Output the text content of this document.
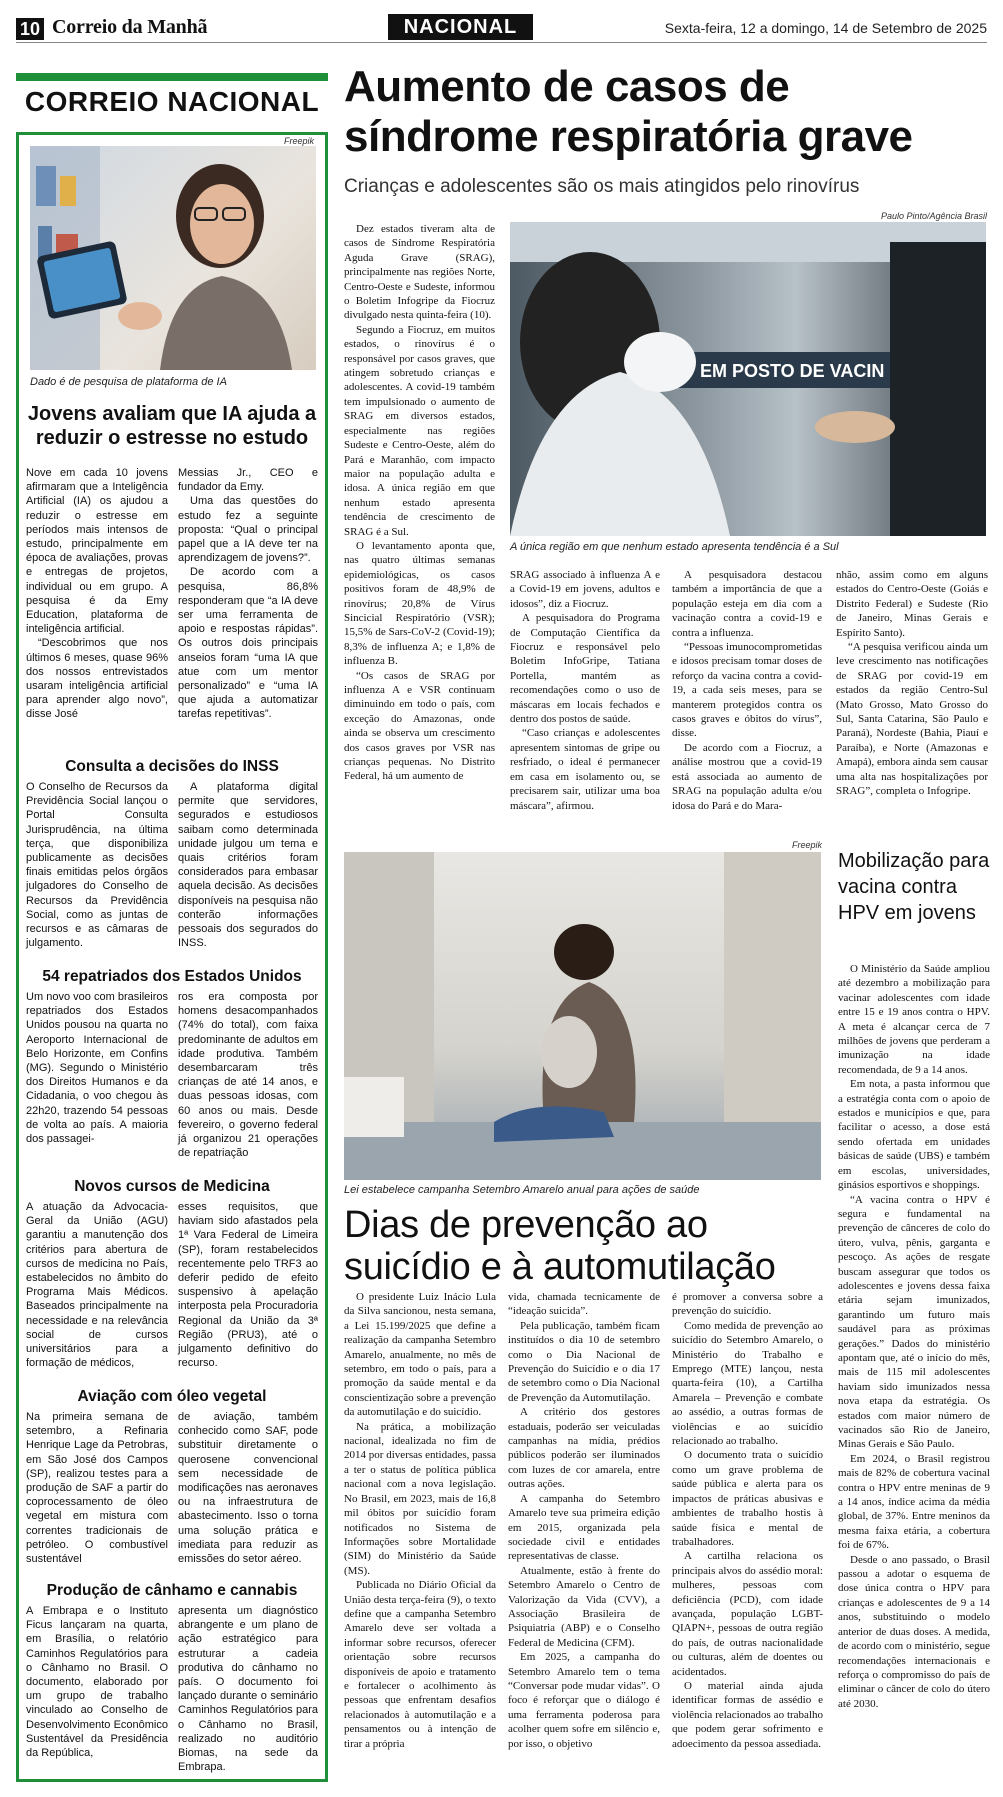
10 Correio da Manhã	NACIONAL	Sexta-feira, 12 a domingo, 14 de Setembro de 2025
CORREIO NACIONAL
Freepik
Dado é de pesquisa de plataforma de IA
Jovens avaliam que IA ajuda a reduzir o estresse no estudo

Nove em cada 10 jovens afirmaram que a Inteligência Artificial (IA) os ajudou a reduzir o estresse em períodos mais intensos de estudo, principalmente em época de avaliações, provas e entregas de projetos, individual ou em grupo. A pesquisa é da Emy Education, plataforma de inteligência artificial.

“Descobrimos que nos últimos 6 meses, quase 96% dos nossos entrevistados usaram inteligência artificial para aprender algo novo”, disse José

Messias Jr., CEO e fundador da Emy.

Uma das questões do estudo fez a seguinte proposta: “Qual o principal papel que a IA deve ter na aprendizagem de jovens?”.

De acordo com a pesquisa, 86,8% responderam que “a IA deve ser uma ferramenta de apoio e respostas rápidas”. Os outros dois principais anseios foram “uma IA que atue com um mentor personalizado” e “uma IA que ajuda a automatizar tarefas repetitivas”.

Consulta a decisões do INSS
O Conselho de Recursos da Previdência Social lançou o Portal Consulta Jurisprudência, na última terça, que disponibiliza publicamente as decisões finais emitidas pelos órgãos julgadores do Conselho de Recursos da Previdência Social, como as juntas de recursos e as câmaras de julgamento.
A plataforma digital permite que servidores, segurados e estudiosos saibam como determinada unidade julgou um tema e quais critérios foram considerados para embasar aquela decisão. As decisões disponíveis na pesquisa não conterão informações pessoais dos segurados do INSS.
54 repatriados dos Estados Unidos
Um novo voo com brasileiros repatriados dos Estados Unidos pousou na quarta no Aeroporto Internacional de Belo Horizonte, em Confins (MG). Segundo o Ministério dos Direitos Humanos e da Cidadania, o voo chegou às 22h20, trazendo 54 pessoas de volta ao país. A maioria dos passagei-
ros era composta por homens desacompanhados (74% do total), com faixa predominante de adultos em idade produtiva. Também desembarcaram três crianças de até 14 anos, e duas pessoas idosas, com 60 anos ou mais. Desde fevereiro, o governo federal já organizou 21 operações de repatriação
Novos cursos de Medicina
A atuação da Advocacia-Geral da União (AGU) garantiu a manutenção dos critérios para abertura de cursos de medicina no País, estabelecidos no âmbito do Programa Mais Médicos. Baseados principalmente na necessidade e na relevância social de cursos universitários para a formação de médicos,
esses requisitos, que haviam sido afastados pela 1ª Vara Federal de Limeira (SP), foram restabelecidos recentemente pelo TRF3 ao deferir pedido de efeito suspensivo à apelação interposta pela Procuradoria Regional da União da 3ª Região (PRU3), até o julgamento definitivo do recurso.
Aviação com óleo vegetal
Na primeira semana de setembro, a Refinaria Henrique Lage da Petrobras, em São José dos Campos (SP), realizou testes para a produção de SAF a partir do coprocessamento de óleo vegetal em mistura com correntes tradicionais de petróleo. O combustível sustentável
de aviação, também conhecido como SAF, pode substituir diretamente o querosene convencional sem necessidade de modificações nas aeronaves ou na infraestrutura de abastecimento. Isso o torna uma solução prática e imediata para reduzir as emissões do setor aéreo.
Produção de cânhamo e cannabis
A Embrapa e o Instituto Ficus lançaram na quarta, em Brasília, o relatório Caminhos Regulatórios para o Cânhamo no Brasil. O documento, elaborado por um grupo de trabalho vinculado ao Conselho de Desenvolvimento Econômico Sustentável da Presidência da República,
apresenta um diagnóstico abrangente e um plano de ação estratégico para estruturar a cadeia produtiva do cânhamo no país. O documento foi lançado durante o seminário Caminhos Regulatórios para o Cânhamo no Brasil, realizado no auditório Biomas, na sede da Embrapa.
Aumento de casos de síndrome respiratória grave
Crianças e adolescentes são os mais atingidos pelo rinovírus
Paulo Pinto/Agência Brasil
EM POSTO DE VACIN
A única região em que nenhum estado apresenta tendência é a Sul

Dez estados tiveram alta de casos de Síndrome Respiratória Aguda Grave (SRAG), principalmente nas regiões Norte, Centro-Oeste e Sudeste, informou o Boletim Infogripe da Fiocruz divulgado nesta quinta-feira (10).

Segundo a Fiocruz, em muitos estados, o rinovírus é o responsável por casos graves, que atingem sobretudo crianças e adolescentes. A covid-19 também tem impulsionado o aumento de SRAG em diversos estados, especialmente nas regiões Sudeste e Centro-Oeste, além do Pará e Maranhão, com impacto maior na população adulta e idosa. A única região em que nenhum estado apresenta tendência de crescimento de SRAG é a Sul.

O levantamento aponta que, nas quatro últimas semanas epidemiológicas, os casos positivos foram de 48,9% de rinovírus; 20,8% de Vírus Sincicial Respiratório (VSR); 15,5% de Sars-CoV-2 (Covid-19); 8,3% de influenza A; e 1,8% de influenza B.

“Os casos de SRAG por influenza A e VSR continuam diminuindo em todo o país, com exceção do Amazonas, onde ainda se observa um crescimento dos casos graves por VSR nas crianças pequenas. No Distrito Federal, há um aumento de

SRAG associado à influenza A e a Covid-19 em jovens, adultos e idosos”, diz a Fiocruz.

A pesquisadora do Programa de Computação Científica da Fiocruz e responsável pelo Boletim InfoGripe, Tatiana Portella, mantém as recomendações como o uso de máscaras em locais fechados e dentro dos postos de saúde.

“Caso crianças e adolescentes apresentem sintomas de gripe ou resfriado, o ideal é permanecer em casa em isolamento ou, se precisarem sair, utilizar uma boa máscara”, afirmou.

A pesquisadora destacou também a importância de que a população esteja em dia com a vacinação contra a covid-19 e contra a influenza.

“Pessoas imunocomprometidas e idosos precisam tomar doses de reforço da vacina contra a covid-19, a cada seis meses, para se manterem protegidos contra os casos graves e óbitos do vírus”, disse.

De acordo com a Fiocruz, a análise mostrou que a covid-19 está associada ao aumento de SRAG na população adulta e/ou idosa do Pará e do Mara-

nhão, assim como em alguns estados do Centro-Oeste (Goiás e Distrito Federal) e Sudeste (Rio de Janeiro, Minas Gerais e Espírito Santo).

“A pesquisa verificou ainda um leve crescimento nas notificações de SRAG por covid-19 em estados da região Centro-Sul (Mato Grosso, Mato Grosso do Sul, Santa Catarina, São Paulo e Paraná), Nordeste (Bahia, Piauí e Paraíba), e Norte (Amazonas e Amapá), embora ainda sem causar uma alta nas hospitalizações por SRAG”, completa o Infogripe.

Freepik
Lei estabelece campanha Setembro Amarelo anual para ações de saúde
Dias de prevenção ao suicídio e à automutilação

O presidente Luiz Inácio Lula da Silva sancionou, nesta semana, a Lei 15.199/2025 que define a realização da campanha Setembro Amarelo, anualmente, no mês de setembro, em todo o país, para a promoção da saúde mental e da conscientização sobre a prevenção da automutilação e do suicídio.

Na prática, a mobilização nacional, idealizada no fim de 2014 por diversas entidades, passa a ter o status de política pública nacional com a nova legislação. No Brasil, em 2023, mais de 16,8 mil óbitos por suicídio foram notificados no Sistema de Informações sobre Mortalidade (SIM) do Ministério da Saúde (MS).

Publicada no Diário Oficial da União desta terça-feira (9), o texto define que a campanha Setembro Amarelo deve ser voltada a informar sobre recursos, oferecer orientação sobre recursos disponíveis de apoio e tratamento e fortalecer o acolhimento às pessoas que enfrentam desafios relacionados à automutilação e a pensamentos ou à intenção de tirar a própria

vida, chamada tecnicamente de “ideação suicida”.

Pela publicação, também ficam instituídos o dia 10 de setembro como o Dia Nacional de Prevenção do Suicídio e o dia 17 de setembro como o Dia Nacional de Prevenção da Automutilação.

A critério dos gestores estaduais, poderão ser veiculadas campanhas na mídia, prédios públicos poderão ser iluminados com luzes de cor amarela, entre outras ações.

A campanha do Setembro Amarelo teve sua primeira edição em 2015, organizada pela sociedade civil e entidades representativas de classe.

Atualmente, estão à frente do Setembro Amarelo o Centro de Valorização da Vida (CVV), a Associação Brasileira de Psiquiatria (ABP) e o Conselho Federal de Medicina (CFM).

Em 2025, a campanha do Setembro Amarelo tem o tema “Conversar pode mudar vidas”. O foco é reforçar que o diálogo é uma ferramenta poderosa para acolher quem sofre em silêncio e, por isso, o objetivo

é promover a conversa sobre a prevenção do suicídio.

Como medida de prevenção ao suicídio do Setembro Amarelo, o Ministério do Trabalho e Emprego (MTE) lançou, nesta quarta-feira (10), a Cartilha Amarela – Prevenção e combate ao assédio, a outras formas de violências e ao suicídio relacionado ao trabalho.

O documento trata o suicídio como um grave problema de saúde pública e alerta para os impactos de práticas abusivas e ambientes de trabalho hostis à saúde física e mental de trabalhadores.

A cartilha relaciona os principais alvos do assédio moral: mulheres, pessoas com deficiência (PCD), com idade avançada, população LGBT-QIAPN+, pessoas de outra região do país, de outras nacionalidade ou culturas, além de doentes ou acidentados.

O material ainda ajuda identificar formas de assédio e violência relacionados ao trabalho que podem gerar sofrimento e adoecimento da pessoa assediada.

Mobilização para vacina contra HPV em jovens

O Ministério da Saúde ampliou até dezembro a mobilização para vacinar adolescentes com idade entre 15 e 19 anos contra o HPV. A meta é alcançar cerca de 7 milhões de jovens que perderam a imunização na idade recomendada, de 9 a 14 anos.

Em nota, a pasta informou que a estratégia conta com o apoio de estados e municípios e que, para facilitar o acesso, a dose está sendo ofertada em unidades básicas de saúde (UBS) e também em escolas, universidades, ginásios esportivos e shoppings.

“A vacina contra o HPV é segura e fundamental na prevenção de cânceres de colo do útero, vulva, pênis, garganta e pescoço. As ações de resgate buscam assegurar que todos os adolescentes e jovens dessa faixa etária sejam imunizados, garantindo um futuro mais saudável para as próximas gerações.” Dados do ministério apontam que, até o início do mês, mais de 115 mil adolescentes haviam sido imunizados nessa nova etapa da estratégia. Os estados com maior número de vacinados são Rio de Janeiro, Minas Gerais e São Paulo.

Em 2024, o Brasil registrou mais de 82% de cobertura vacinal contra o HPV entre meninas de 9 a 14 anos, índice acima da média global, de 37%. Entre meninos da mesma faixa etária, a cobertura foi de 67%.

Desde o ano passado, o Brasil passou a adotar o esquema de dose única contra o HPV para crianças e adolescentes de 9 a 14 anos, substituindo o modelo anterior de duas doses. A medida, de acordo com o ministério, segue recomendações internacionais e reforça o compromisso do país de eliminar o câncer de colo do útero até 2030.
